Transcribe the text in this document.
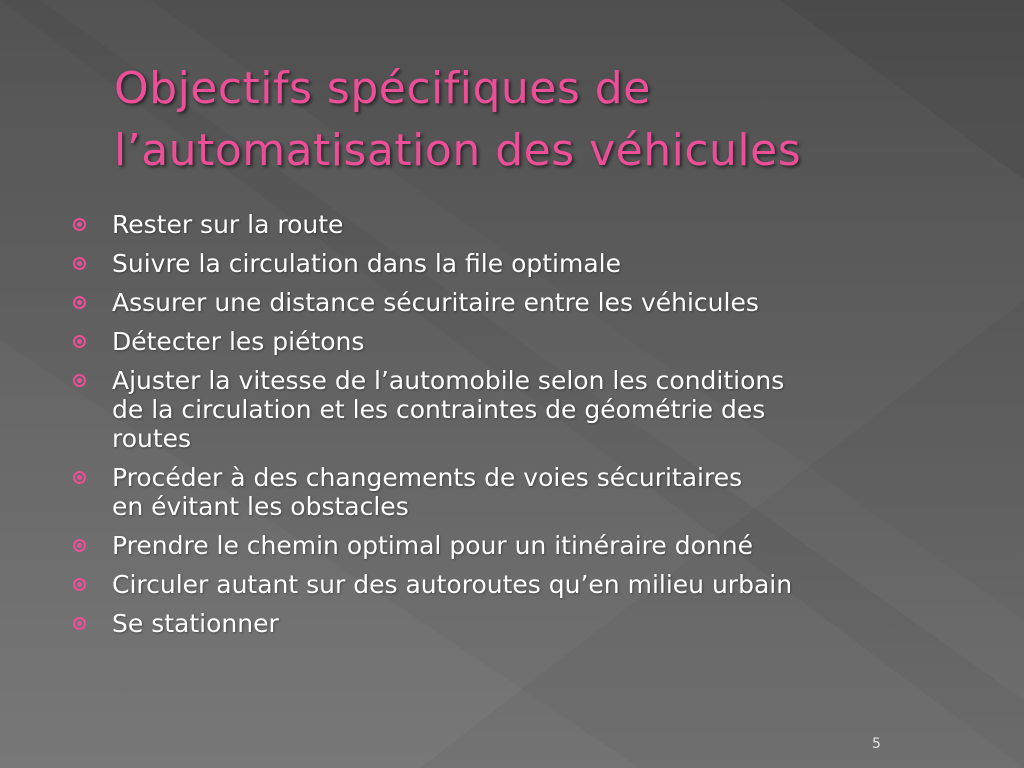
Objectifs spécifiques de
l’automatisation des véhicules
Rester sur la route
Suivre la circulation dans la file optimale
Assurer une distance sécuritaire entre les véhicules
Détecter les piétons
Ajuster la vitesse de l’automobile selon les conditions
de la circulation et les contraintes de géométrie des
routes
Procéder à des changements de voies sécuritaires
en évitant les obstacles
Prendre le chemin optimal pour un itinéraire donné
Circuler autant sur des autoroutes qu’en milieu urbain
Se stationner
5
